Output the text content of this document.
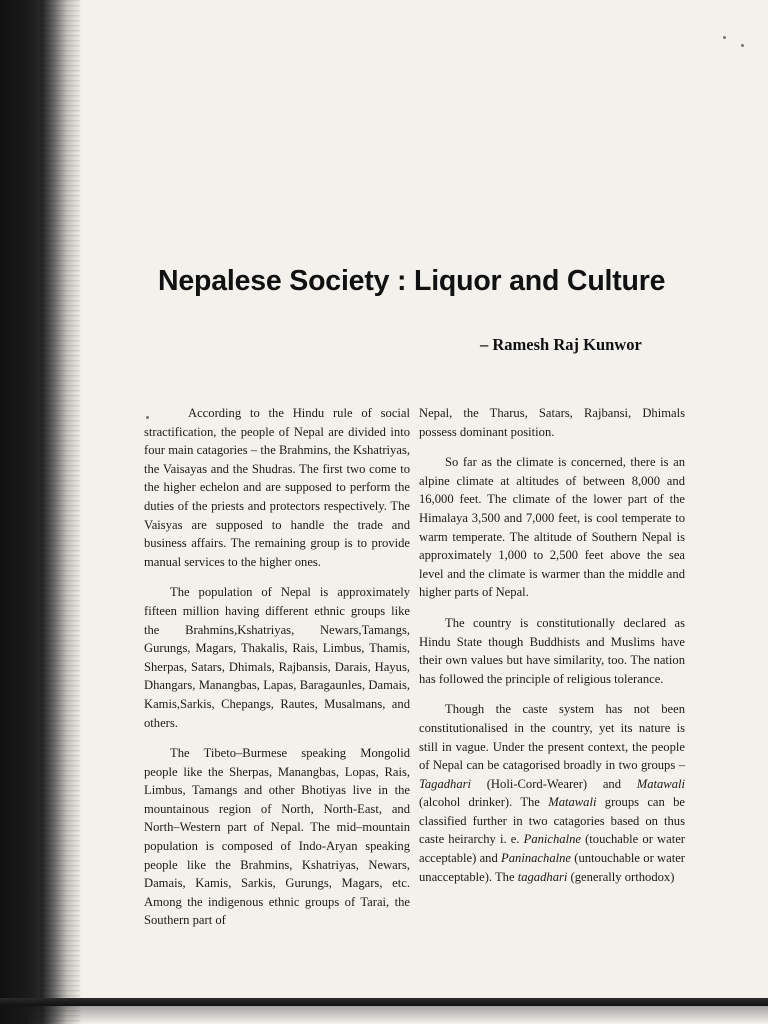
Nepalese Society : Liquor and Culture
– Ramesh Raj Kunwor

According to the Hindu rule of social stractification, the people of Nepal are divided into four main catagories – the Brahmins, the Kshatriyas, the Vaisayas and the Shudras. The first two come to the higher echelon and are supposed to perform the duties of the priests and protectors respectively. The Vaisyas are supposed to handle the trade and business affairs. The remaining group is to provide manual services to the higher ones.

The population of Nepal is approximately fifteen million having different ethnic groups like the Brahmins,Kshatriyas, Newars,Tamangs, Gurungs, Magars, Thakalis, Rais, Limbus, Thamis, Sherpas, Satars, Dhimals, Rajbansis, Darais, Hayus, Dhangars, Manangbas, Lapas, Baragaunles, Damais, Kamis,Sarkis, Chepangs, Rautes, Musalmans, and others.

The Tibeto–Burmese speaking Mongolid people like the Sherpas, Manangbas, Lopas, Rais, Limbus, Tamangs and other Bhotiyas live in the mountainous region of North, North-East, and North–Western part of Nepal. The mid–mountain population is composed of Indo-Aryan speaking people like the Brahmins, Kshatriyas, Newars, Damais, Kamis, Sarkis, Gurungs, Magars, etc. Among the indigenous ethnic groups of Tarai, the Southern part of

Nepal, the Tharus, Satars, Rajbansi, Dhimals possess dominant position.

So far as the climate is concerned, there is an alpine climate at altitudes of between 8,000 and 16,000 feet. The climate of the lower part of the Himalaya 3,500 and 7,000 feet, is cool temperate to warm temperate. The altitude of Southern Nepal is approximately 1,000 to 2,500 feet above the sea level and the climate is warmer than the middle and higher parts of Nepal.

The country is constitutionally declared as Hindu State though Buddhists and Muslims have their own values but have similarity, too. The nation has followed the principle of religious tolerance.

Though the caste system has not been constitutionalised in the country, yet its nature is still in vague. Under the present context, the people of Nepal can be catagorised broadly in two groups – Tagadhari (Holi-Cord-Wearer) and Matawali (alcohol drinker). The Matawali groups can be classified further in two catagories based on thus caste heirarchy i. e. Panichalne (touchable or water acceptable) and Paninachalne (untouchable or water unacceptable). The tagadhari (generally orthodox)
